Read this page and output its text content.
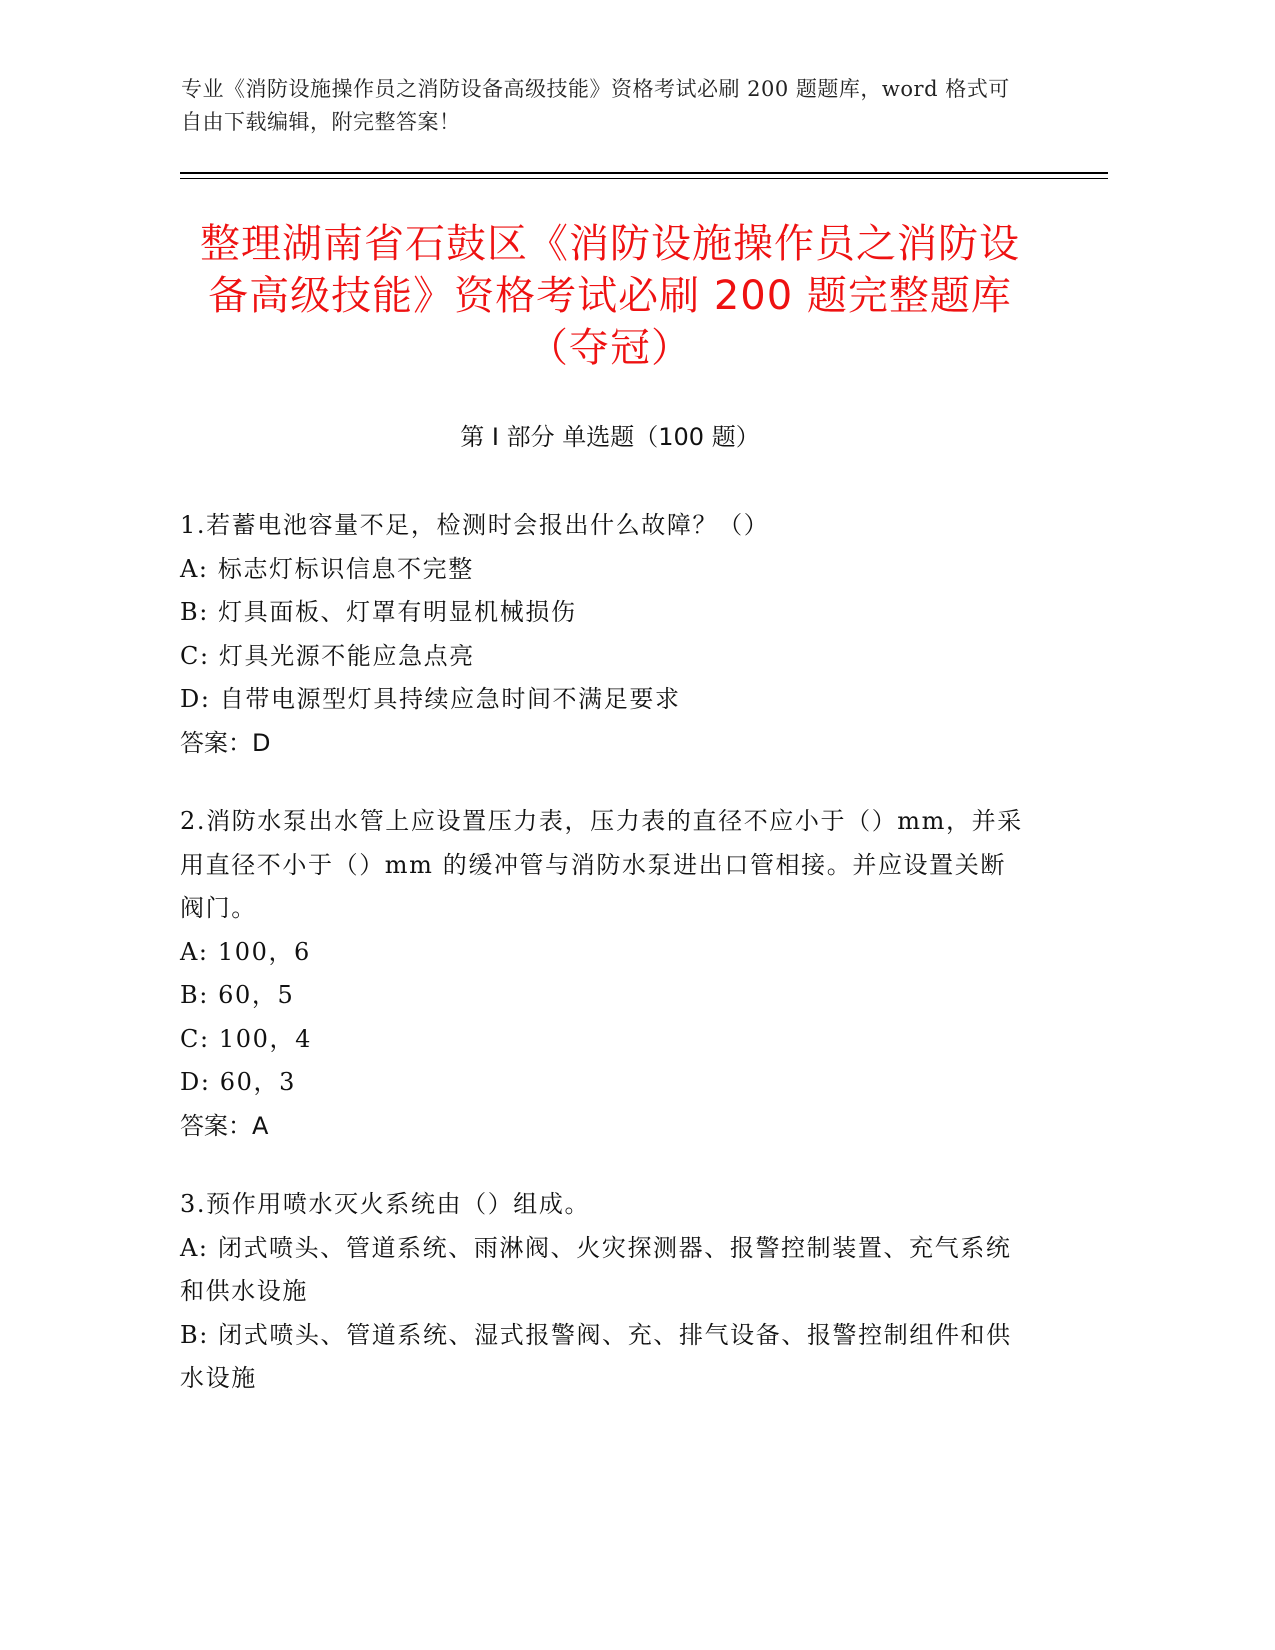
专业《消防设施操作员之消防设备高级技能》资格考试必刷 200 题题库，word 格式可自由下载编辑，附完整答案！
整理湖南省石鼓区《消防设施操作员之消防设备高级技能》资格考试必刷 200 题完整题库（夺冠）
第 I 部分 单选题（100 题）
1.若蓄电池容量不足，检测时会报出什么故障？（）
A: 标志灯标识信息不完整
B: 灯具面板、灯罩有明显机械损伤
C: 灯具光源不能应急点亮
D: 自带电源型灯具持续应急时间不满足要求
答案：D
2.消防水泵出水管上应设置压力表，压力表的直径不应小于（）mm，并采用直径不小于（）mm 的缓冲管与消防水泵进出口管相接。并应设置关断阀门。
A: 100，6
B: 60，5
C: 100，4
D: 60，3
答案：A
3.预作用喷水灭火系统由（）组成。
A: 闭式喷头、管道系统、雨淋阀、火灾探测器、报警控制装置、充气系统和供水设施
B: 闭式喷头、管道系统、湿式报警阀、充、排气设备、报警控制组件和供水设施
